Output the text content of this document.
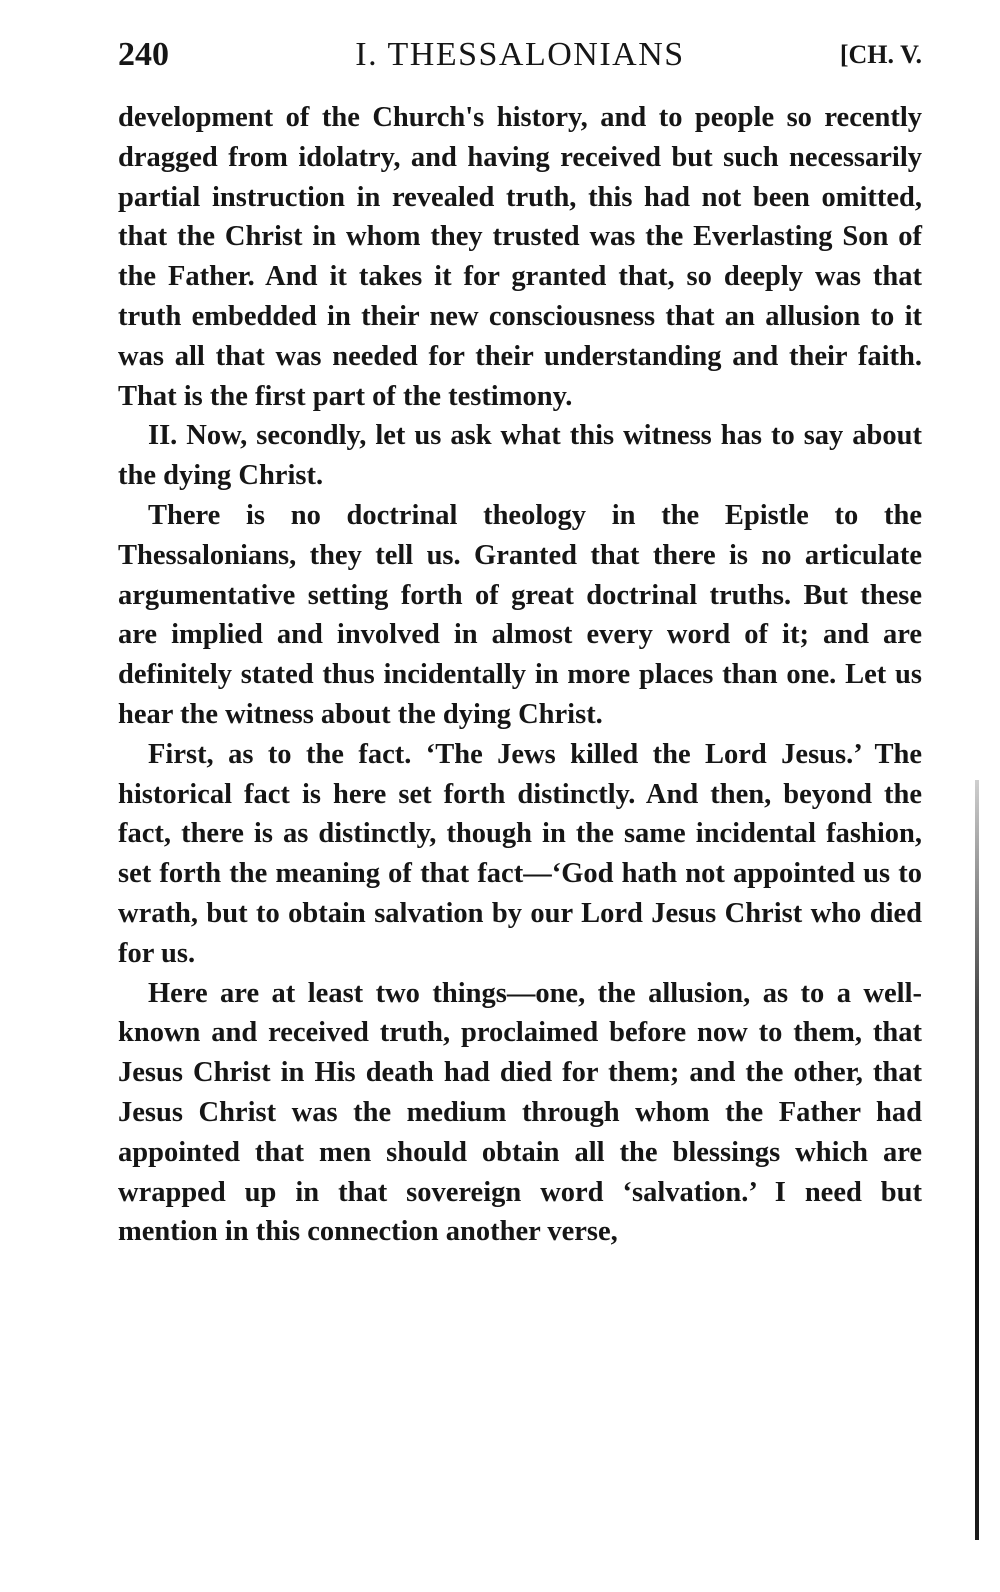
240	I. THESSALONIANS	[CH. V.

development of the Church's history, and to people so recently dragged from idolatry, and having received but such necessarily partial instruction in revealed truth, this had not been omitted, that the Christ in whom they trusted was the Everlasting Son of the Father. And it takes it for granted that, so deeply was that truth embedded in their new consciousness that an allusion to it was all that was needed for their understanding and their faith. That is the first part of the testimony.

II. Now, secondly, let us ask what this witness has to say about the dying Christ.

There is no doctrinal theology in the Epistle to the Thessalonians, they tell us. Granted that there is no articulate argumentative setting forth of great doctrinal truths. But these are implied and involved in almost every word of it; and are definitely stated thus incidentally in more places than one. Let us hear the witness about the dying Christ.

First, as to the fact. ‘The Jews killed the Lord Jesus.’ The historical fact is here set forth distinctly. And then, beyond the fact, there is as distinctly, though in the same incidental fashion, set forth the meaning of that fact—‘God hath not appointed us to wrath, but to obtain salvation by our Lord Jesus Christ who died for us.

Here are at least two things—one, the allusion, as to a well-known and received truth, proclaimed before now to them, that Jesus Christ in His death had died for them; and the other, that Jesus Christ was the medium through whom the Father had appointed that men should obtain all the blessings which are wrapped up in that sovereign word ‘salvation.’ I need but mention in this connection another verse,
